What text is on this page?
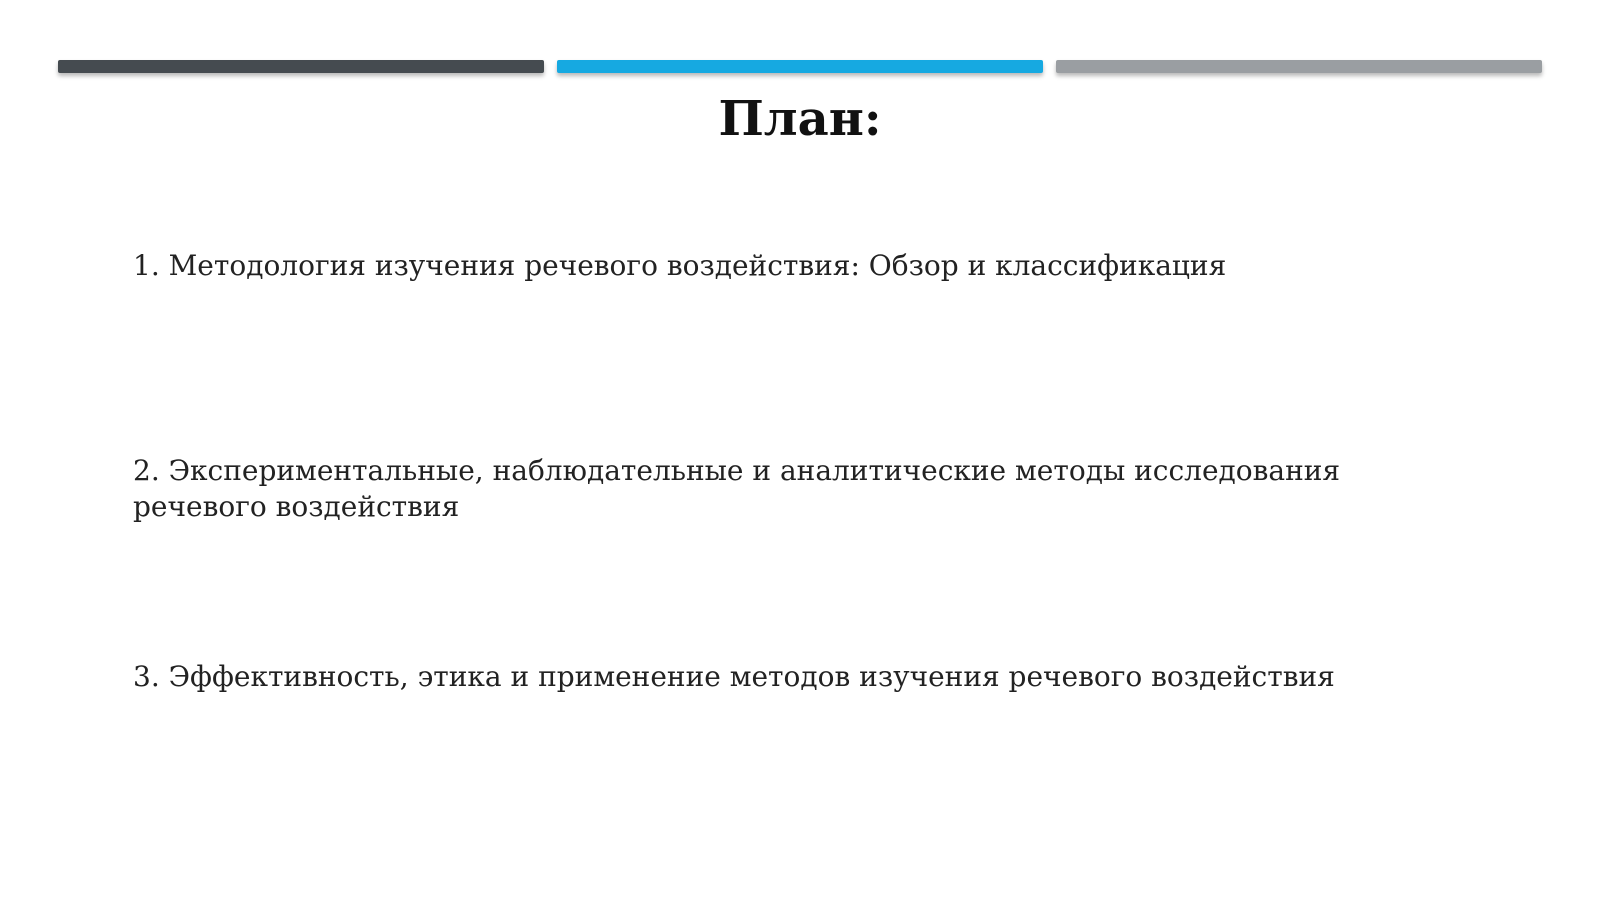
План:
1. Методология изучения речевого воздействия: Обзор и классификация
2. Экспериментальные, наблюдательные и аналитические методы исследования речевого воздействия
3. Эффективность, этика и применение методов изучения речевого воздействия
